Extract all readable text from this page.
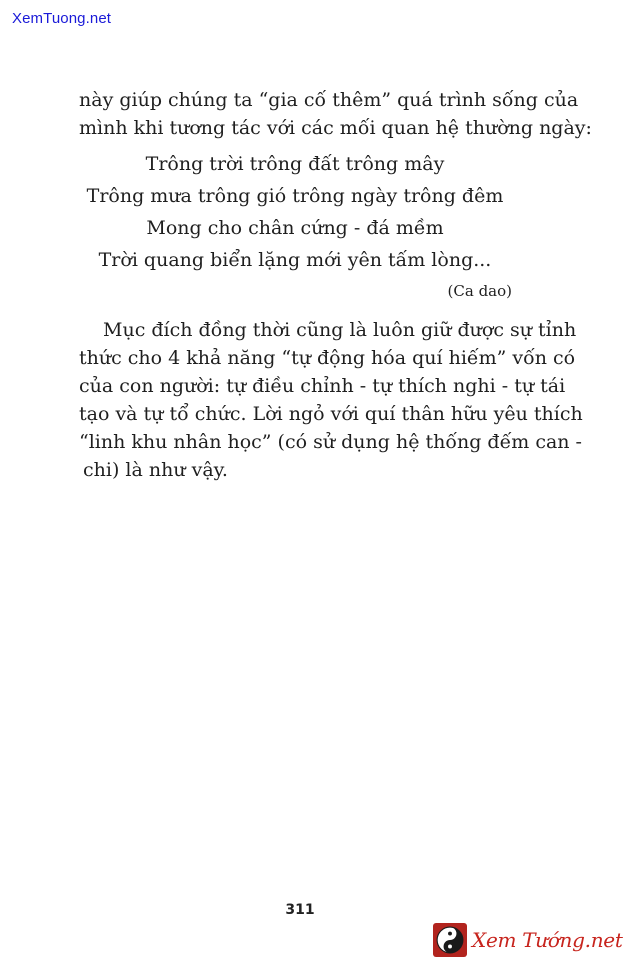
XemTuong.net
này giúp chúng ta “gia cố thêm” quá trình sống của
mình khi tương tác với các mối quan hệ thường ngày:
Trông trời trông đất trông mây
Trông mưa trông gió trông ngày trông đêm
Mong cho chân cứng - đá mềm
Trời quang biển lặng mới yên tấm lòng...
(Ca dao)
Mục đích đồng thời cũng là luôn giữ được sự tỉnh
thức cho 4 khả năng “tự động hóa quí hiếm” vốn có
của con người: tự điều chỉnh - tự thích nghi - tự tái
tạo và tự tổ chức. Lời ngỏ với quí thân hữu yêu thích
“linh khu nhân học” (có sử dụng hệ thống đếm can -
chi) là như vậy.
311
Xem Tướng.net
